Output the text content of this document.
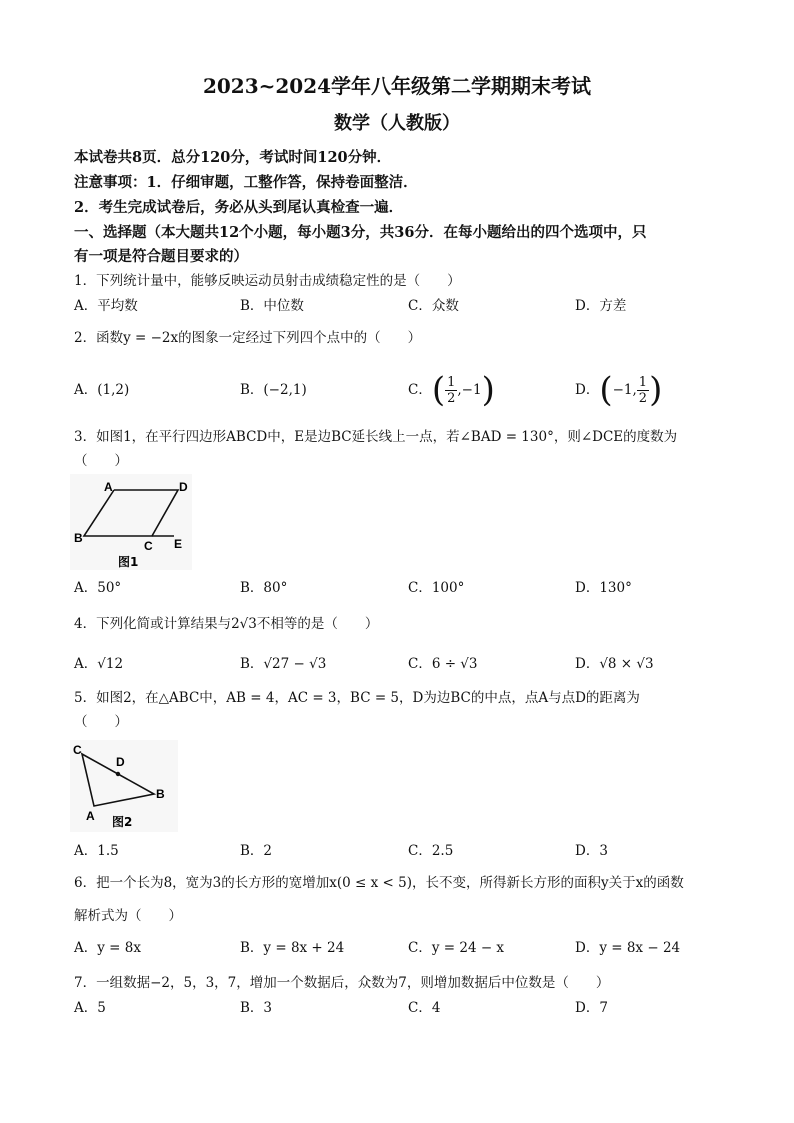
2023~2024学年八年级第二学期期末考试
数学（人教版）
本试卷共8页．总分120分，考试时间120分钟．
注意事项：1．仔细审题，工整作答，保持卷面整洁．
2．考生完成试卷后，务必从头到尾认真检查一遍．
一、选择题（本大题共12个小题，每小题3分，共36分．在每小题给出的四个选项中，只
有一项是符合题目要求的）
1．下列统计量中，能够反映运动员射击成绩稳定性的是（　　）
A．平均数	B．中位数	C．众数	D．方差
2．函数y = −2x的图象一定经过下列四个点中的（　　）
A．(1,2)	B．(−2,1)	C． ( $\frac{1}{2} ,-1$ )	D． ( −1, $\frac{1}{2}$ )
3．如图1，在平行四边形ABCD中，E是边BC延长线上一点，若∠BAD = 130°，则∠DCE的度数为
（　　）
A	D
B
C E
图1
A．50°	B．80°	C．100°	D．130°
4．下列化简或计算结果与2√3不相等的是（　　）
A．√12	B．√27 − √3	C．6 ÷ √3	D．√8 × √3
5．如图2，在△ABC中，AB = 4，AC = 3，BC = 5，D为边BC的中点，点A与点D的距离为
（　　）
C
D
B
A 图2
A．1.5	B．2	C．2.5	D．3
6．把一个长为8，宽为3的长方形的宽增加x(0 ≤ x < 5)，长不变，所得新长方形的面积y关于x的函数
解析式为（　　）
A．y = 8x	B．y = 8x + 24	C．y = 24 − x	D．y = 8x − 24
7．一组数据−2，5，3，7，增加一个数据后，众数为7，则增加数据后中位数是（　　）
A．5	B．3	C．4	D．7
